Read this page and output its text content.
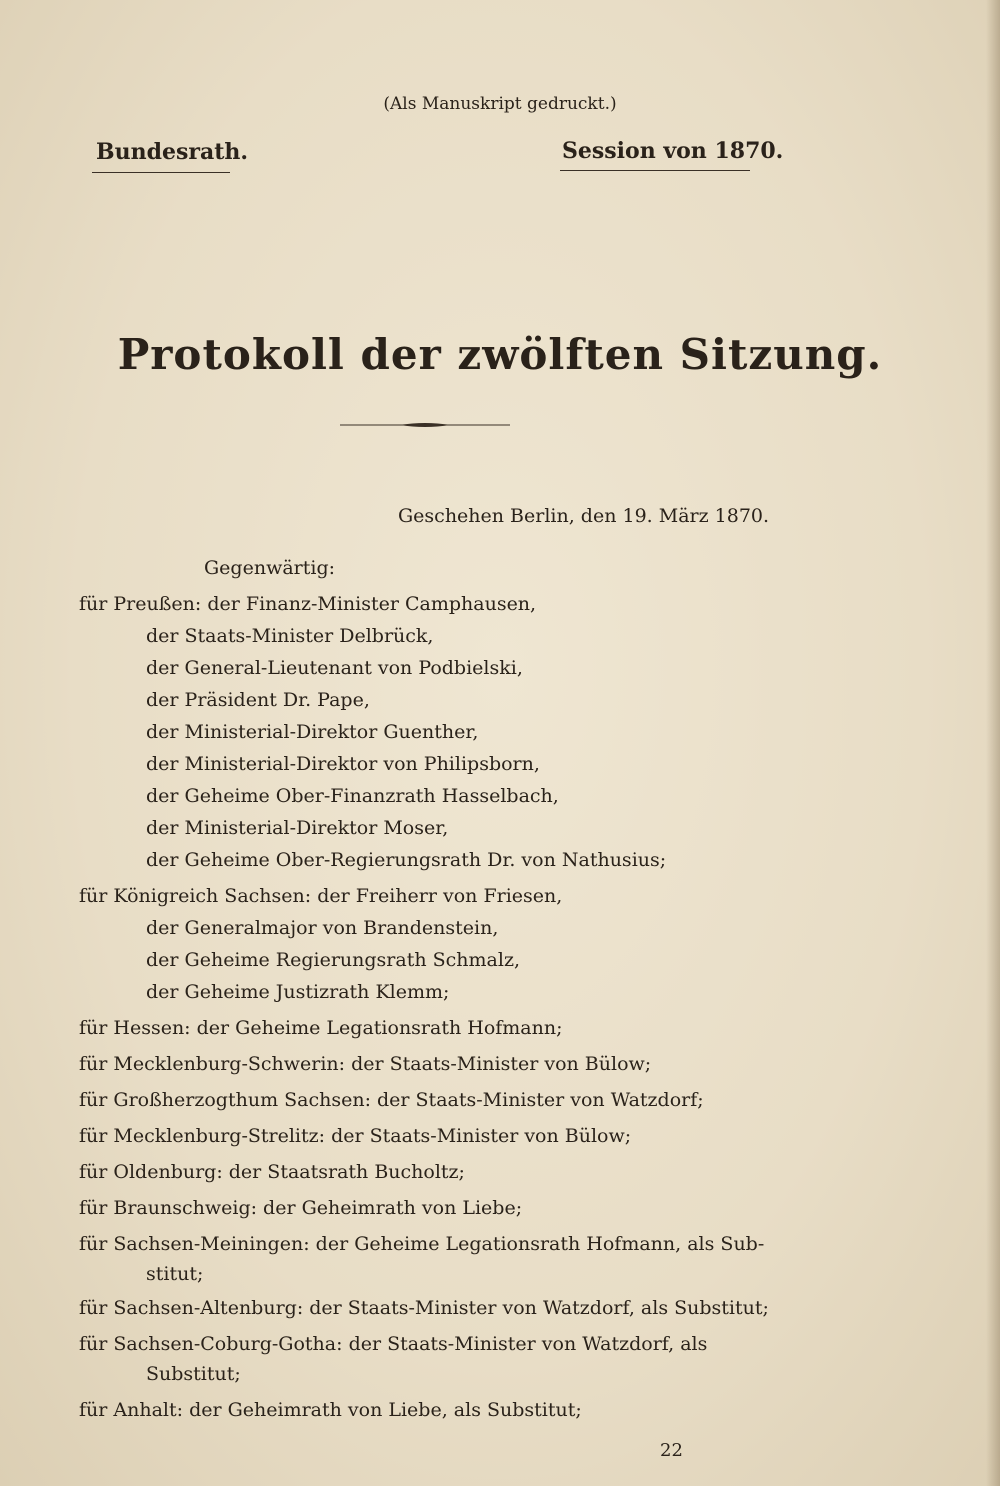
(Als Manuskript gedruckt.)
Bundesrath.	Session von 1870.
Protokoll der zwölften Sitzung.
Geschehen Berlin, den 19. März 1870.
Gegenwärtig:
für Preußen: der Finanz-Minister Camphausen,
der Staats-Minister Delbrück,
der General-Lieutenant von Podbielski,
der Präsident Dr. Pape,
der Ministerial-Direktor Guenther,
der Ministerial-Direktor von Philipsborn,
der Geheime Ober-Finanzrath Hasselbach,
der Ministerial-Direktor Moser,
der Geheime Ober-Regierungsrath Dr. von Nathusius;
für Königreich Sachsen: der Freiherr von Friesen,
der Generalmajor von Brandenstein,
der Geheime Regierungsrath Schmalz,
der Geheime Justizrath Klemm;
für Hessen: der Geheime Legationsrath Hofmann;
für Mecklenburg-Schwerin: der Staats-Minister von Bülow;
für Großherzogthum Sachsen: der Staats-Minister von Watzdorf;
für Mecklenburg-Strelitz: der Staats-Minister von Bülow;
für Oldenburg: der Staatsrath Bucholtz;
für Braunschweig: der Geheimrath von Liebe;
für Sachsen-Meiningen: der Geheime Legationsrath Hofmann, als Sub-
stitut;
für Sachsen-Altenburg: der Staats-Minister von Watzdorf, als Substitut;
für Sachsen-Coburg-Gotha: der Staats-Minister von Watzdorf, als
Substitut;
für Anhalt: der Geheimrath von Liebe, als Substitut;
22
